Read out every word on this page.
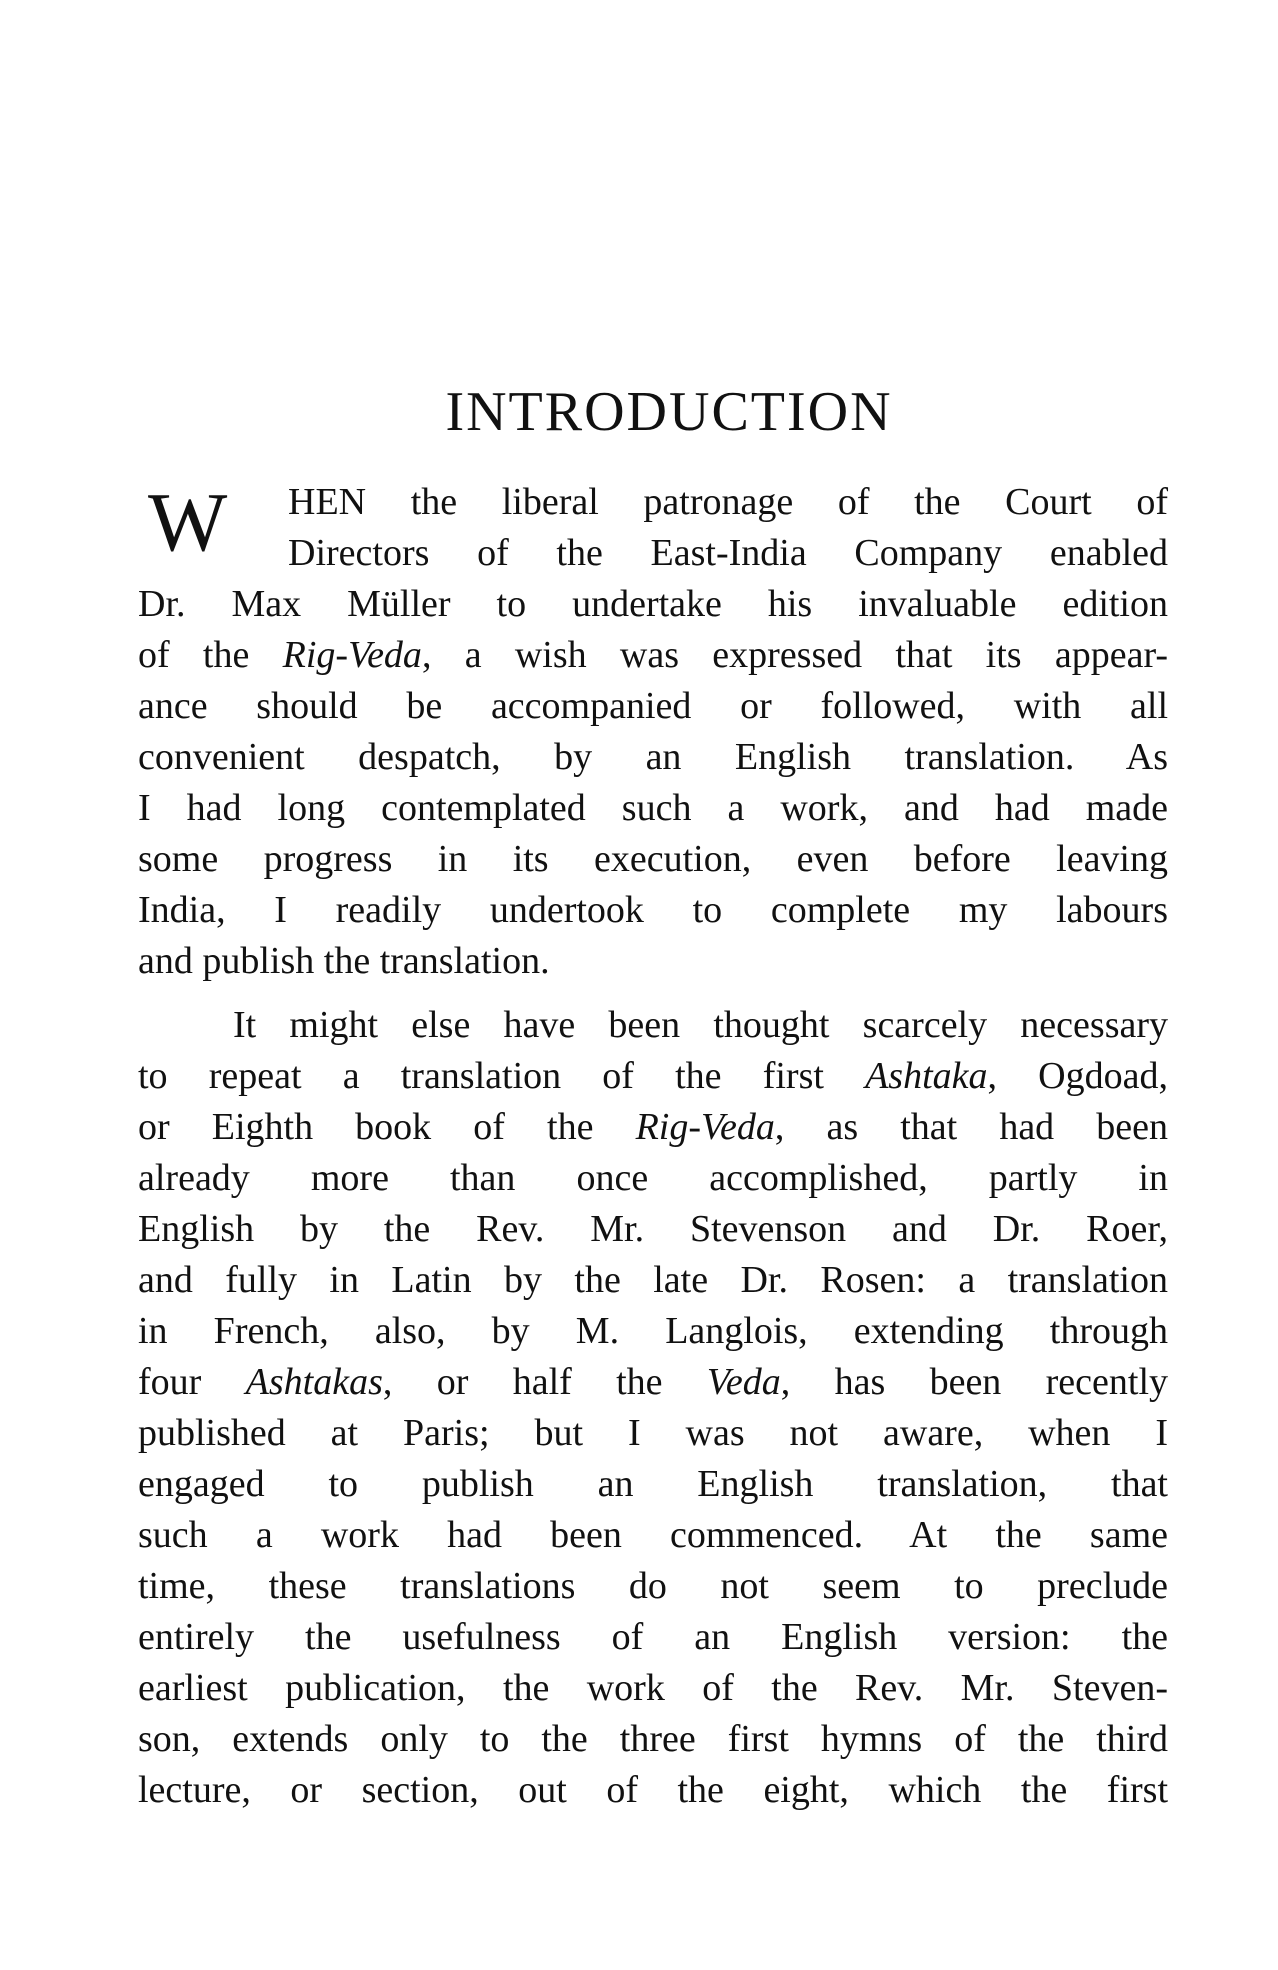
INTRODUCTION
W	HEN the liberal patronage of the Court of
Directors of the East-India Company enabled
Dr. Max Müller to undertake his invaluable edition
of the Rig-Veda, a wish was expressed that its appear-
ance should be accompanied or followed, with all
convenient despatch, by an English translation. As
I had long contemplated such a work, and had made
some progress in its execution, even before leaving
India, I readily undertook to complete my labours
and publish the translation.
It might else have been thought scarcely necessary
to repeat a translation of the first Ashtaka, Ogdoad,
or Eighth book of the Rig-Veda, as that had been
already more than once accomplished, partly in
English by the Rev. Mr. Stevenson and Dr. Roer,
and fully in Latin by the late Dr. Rosen: a translation
in French, also, by M. Langlois, extending through
four Ashtakas, or half the Veda, has been recently
published at Paris; but I was not aware, when I
engaged to publish an English translation, that
such a work had been commenced. At the same
time, these translations do not seem to preclude
entirely the usefulness of an English version: the
earliest publication, the work of the Rev. Mr. Steven-
son, extends only to the three first hymns of the third
lecture, or section, out of the eight, which the first
